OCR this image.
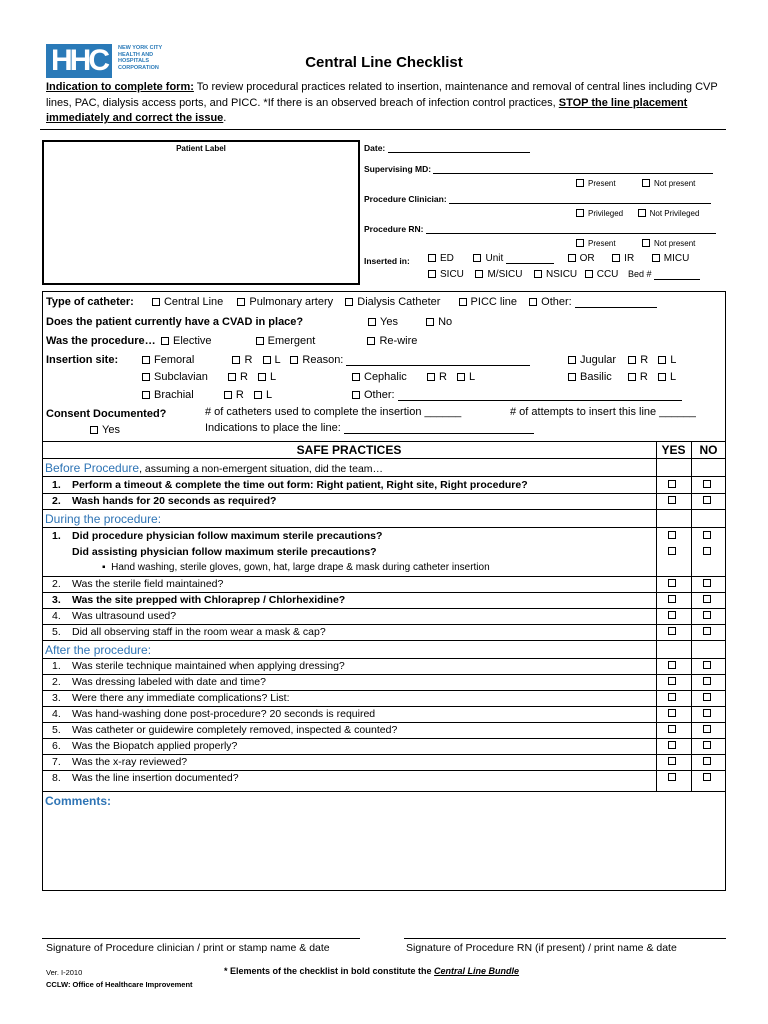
HHC	NEW YORK CITY
HEALTH AND
HOSPITALS
CORPORATION	Central Line Checklist
Indication to complete form: To review procedural practices related to insertion, maintenance and removal of central lines including CVP lines, PAC, dialysis access ports, and PICC. *If there is an observed breach of infection control practices, STOP the line placement immediately and correct the issue.
Patient Label	Date:
Supervising MD:
Present	Not present
Procedure Clinician:
Privileged	Not Privileged
Procedure RN:
Present	Not present
Inserted in:	ED	Unit	OR	IR	MICU
SICU M/SICU NSICU CCU Bed #
Type of catheter:	Central Line Pulmonary artery Dialysis Catheter	PICC line Other:
Does the patient currently have a CVAD in place?	Yes	No
Was the procedure…	Elective	Emergent	Re-wire
Insertion site:	Femoral	R L Reason:	Jugular R L
Subclavian	R L	Cephalic	R L	Basilic	R L
Brachial	R L	Other:
Consent Documented?
Yes
# of catheters used to complete the insertion ______	# of attempts to insert this line ______
Indications to place the line:
SAFE PRACTICES	YES	NO
Before Procedure, assuming a non-emergent situation, did the team…
1. Perform a timeout & complete the time out form: Right patient, Right site, Right procedure?
2. Wash hands for 20 seconds as required?
During the procedure:
1. Did procedure physician follow maximum sterile precautions?
Did assisting physician follow maximum sterile precautions?
▪  Hand washing, sterile gloves, gown, hat, large drape & mask during catheter insertion
2. Was the sterile field maintained?
3. Was the site prepped with Chloraprep / Chlorhexidine?
4. Was ultrasound used?
5. Did all observing staff in the room wear a mask & cap?
After the procedure:
1. Was sterile technique maintained when applying dressing?
2. Was dressing labeled with date and time?
3. Were there any immediate complications? List:
4. Was hand-washing done post-procedure? 20 seconds is required
5. Was catheter or guidewire completely removed, inspected & counted?
6. Was the Biopatch applied properly?
7. Was the x-ray reviewed?
8. Was the line insertion documented?
Comments:
Signature of Procedure clinician / print or stamp name & date	Signature of Procedure RN (if present) / print name & date
Ver. I-2010
CCLW: Office of Healthcare Improvement
* Elements of the checklist in bold constitute the Central Line Bundle
